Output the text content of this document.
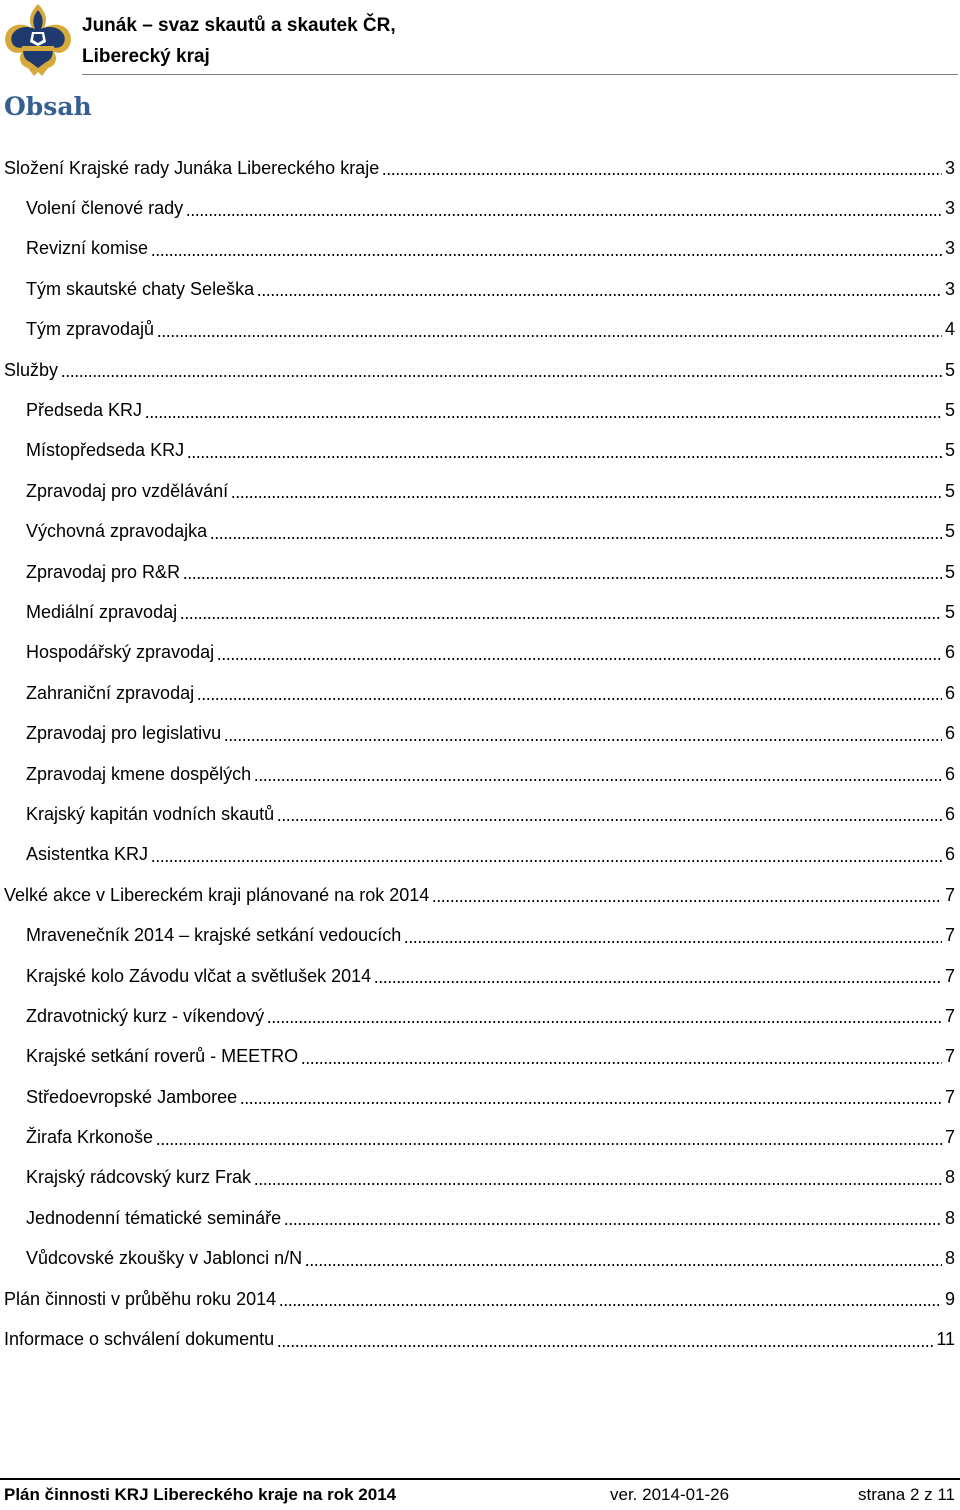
Junák – svaz skautů a skautek ČR,
Liberecký kraj
Obsah
Složení Krajské rady Junáka Libereckého kraje	3
Volení členové rady	3
Revizní komise	3
Tým skautské chaty Seleška	3
Tým zpravodajů	4
Služby	5
Předseda KRJ	5
Místopředseda KRJ	5
Zpravodaj pro vzdělávání	5
Výchovná zpravodajka	5
Zpravodaj pro R&R	5
Mediální zpravodaj	5
Hospodářský zpravodaj	6
Zahraniční zpravodaj	6
Zpravodaj pro legislativu	6
Zpravodaj kmene dospělých	6
Krajský kapitán vodních skautů	6
Asistentka KRJ	6
Velké akce v Libereckém kraji plánované na rok 2014	7
Mravenečník 2014 – krajské setkání vedoucích	7
Krajské kolo Závodu vlčat a světlušek 2014	7
Zdravotnický kurz - víkendový	7
Krajské setkání roverů - MEETRO	7
Středoevropské Jamboree	7
Žirafa Krkonoše	7
Krajský rádcovský kurz Frak	8
Jednodenní tématické semináře	8
Vůdcovské zkoušky v Jablonci n/N	8
Plán činnosti v průběhu roku 2014	9
Informace o schválení dokumentu	11
Plán činnosti KRJ Libereckého kraje na rok 2014	ver. 2014-01-26	strana 2 z 11
